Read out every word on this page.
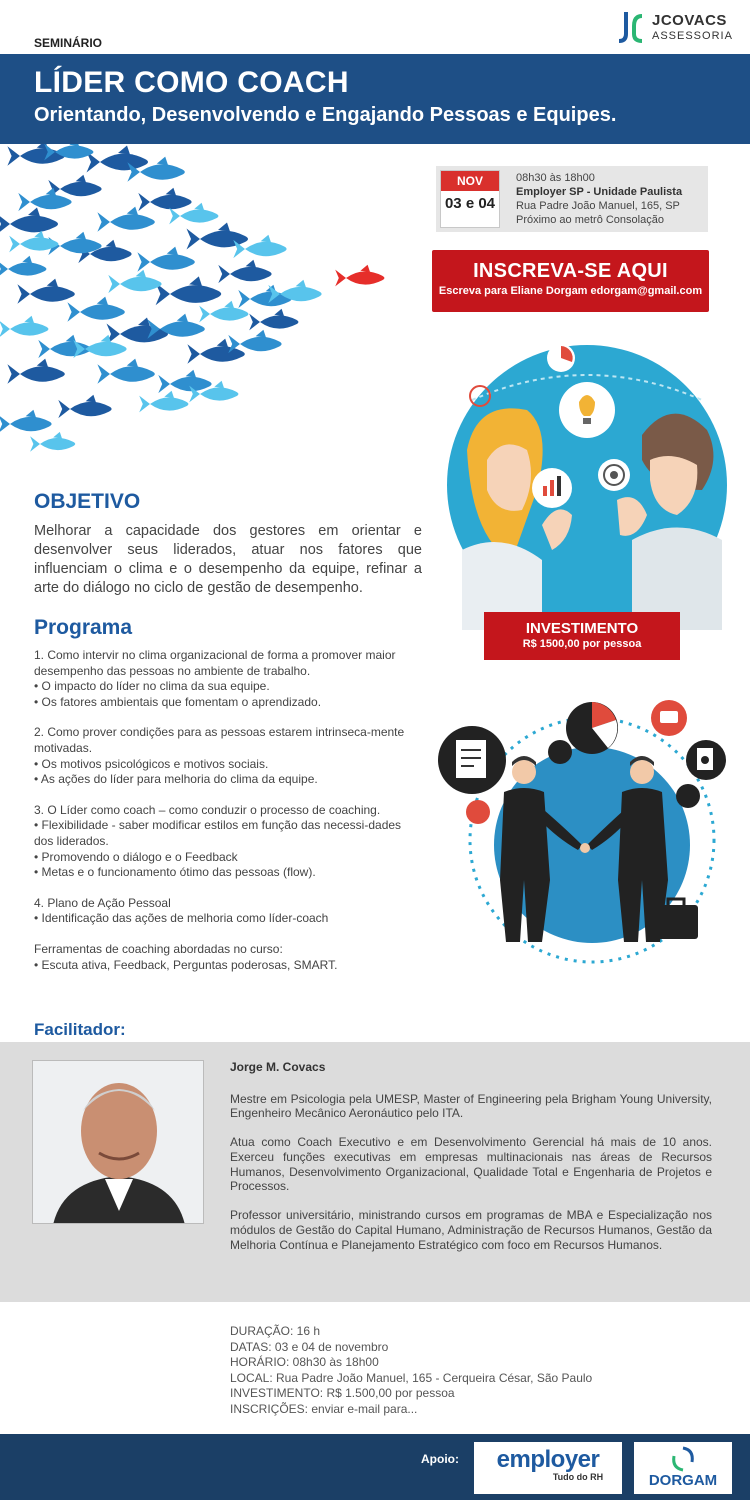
SEMINÁRIO
JCOVACS
ASSESSORIA
LÍDER COMO COACH
Orientando, Desenvolvendo e Engajando Pessoas e Equipes.
NOV
03 e 04
08h30 às 18h00
Employer SP - Unidade Paulista
Rua Padre João Manuel, 165, SP
Próximo ao metrô Consolação
INSCREVA-SE AQUI
Escreva para Eliane Dorgam edorgam@gmail.com
OBJETIVO
Melhorar a capacidade dos gestores em orientar e desenvolver seus liderados, atuar nos fatores que influenciam o clima e o desempenho da equipe, refinar a arte do diálogo no ciclo de gestão de desempenho.
INVESTIMENTO
R$ 1500,00 por pessoa
Programa

1. Como intervir no clima organizacional de forma a promover maior desempenho das pessoas no ambiente de trabalho.

• O impacto do líder no clima da sua equipe.

• Os fatores ambientais que fomentam o aprendizado.

2. Como prover condições para as pessoas estarem intrinseca-mente motivadas.

• Os motivos psicológicos e motivos sociais.

• As ações do líder para melhoria do clima da equipe.

3. O Líder como coach – como conduzir o processo de coaching.

• Flexibilidade - saber modificar estilos em função das necessi-dades dos liderados.

• Promovendo o diálogo e o Feedback

• Metas e o funcionamento ótimo das pessoas (flow).

4. Plano de Ação Pessoal

• Identificação das ações de melhoria como líder-coach

Ferramentas de coaching abordadas no curso:

• Escuta ativa, Feedback, Perguntas poderosas, SMART.

Facilitador:
Jorge M. Covacs

Mestre em Psicologia pela UMESP, Master of Engineering pela Brigham Young University, Engenheiro Mecânico Aeronáutico pelo ITA.

Atua como Coach Executivo e em Desenvolvimento Gerencial há mais de 10 anos. Exerceu funções executivas em empresas multinacionais nas áreas de Recursos Humanos, Desenvolvimento Organizacional, Qualidade Total e Engenharia de Projetos e Processos.

Professor universitário, ministrando cursos em programas de MBA e Especialização nos módulos de Gestão do Capital Humano, Administração de Recursos Humanos, Gestão da Melhoria Contínua e Planejamento Estratégico com foco em Recursos Humanos.

DURAÇÃO: 16 h
DATAS: 03 e 04 de novembro
HORÁRIO: 08h30 às 18h00
LOCAL: Rua Padre João Manuel, 165 - Cerqueira César, São Paulo
INVESTIMENTO: R$ 1.500,00 por pessoa
INSCRIÇÕES: enviar e-mail para...
Apoio:	employer
Tudo do RH	DORGAM
